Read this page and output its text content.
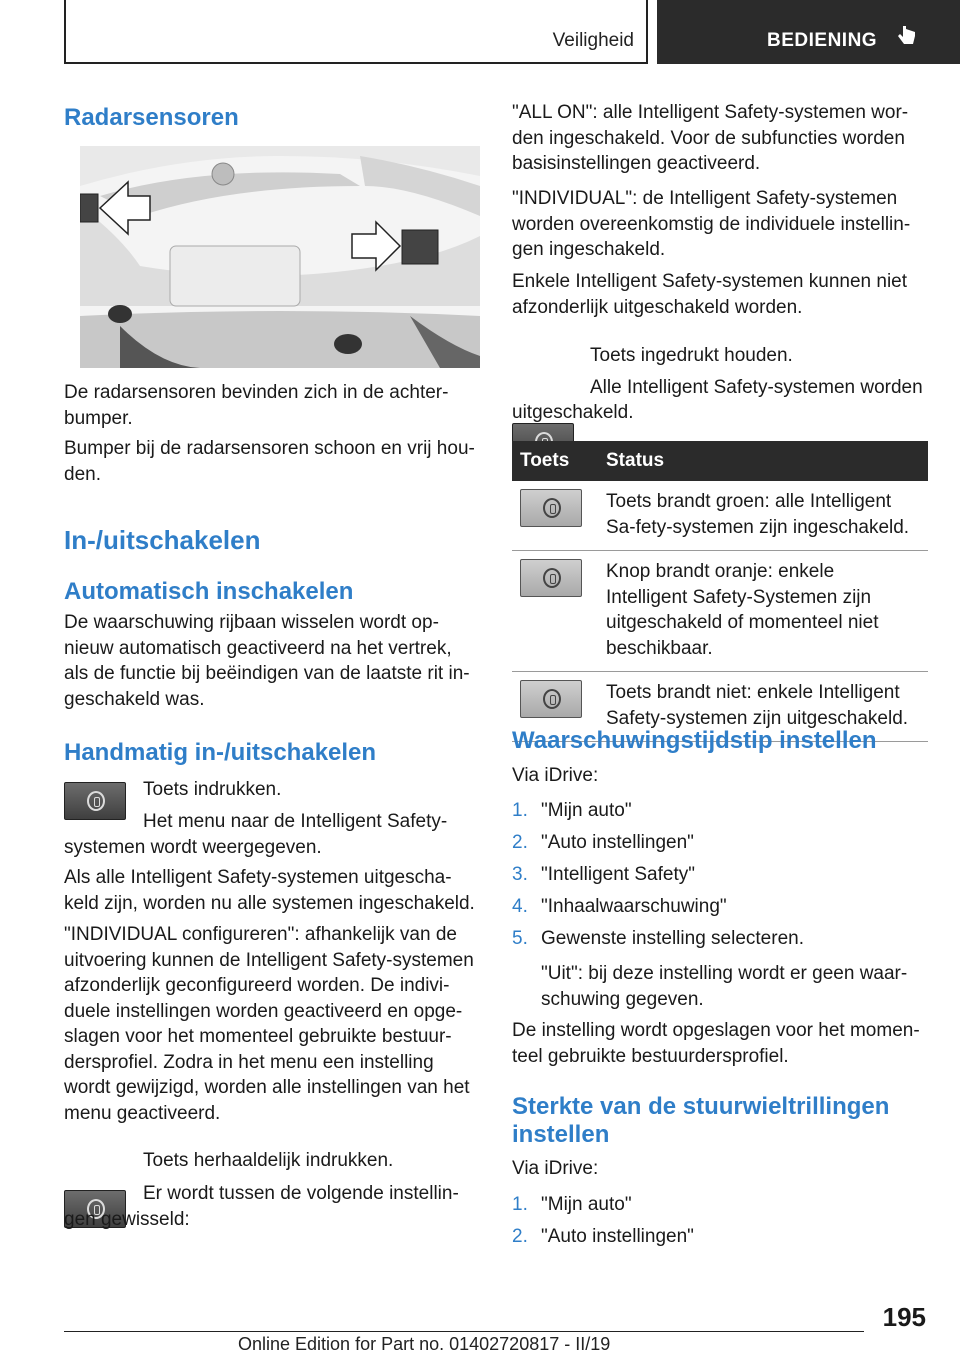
Veiligheid	BEDIENING
Radarsensoren
De radarsensoren bevinden zich in de achter-bumper.
Bumper bij de radarsensoren schoon en vrij hou-den.
In-/uitschakelen
Automatisch inschakelen
De waarschuwing rijbaan wisselen wordt op-nieuw automatisch geactiveerd na het vertrek, als de functie bij beëindigen van de laatste rit in-geschakeld was.
Handmatig in-/uitschakelen
Toets indrukken.
Het menu naar de Intelligent Safety-
systemen wordt weergegeven.
Als alle Intelligent Safety-systemen uitgescha-keld zijn, worden nu alle systemen ingeschakeld.
"INDIVIDUAL configureren": afhankelijk van de uitvoering kunnen de Intelligent Safety-systemen afzonderlijk geconfigureerd worden. De indivi-duele instellingen worden geactiveerd en opge-slagen voor het momenteel gebruikte bestuur-dersprofiel. Zodra in het menu een instelling wordt gewijzigd, worden alle instellingen van het menu geactiveerd.
Toets herhaaldelijk indrukken.
Er wordt tussen de volgende instellin-
gen gewisseld:
"ALL ON": alle Intelligent Safety-systemen wor-den ingeschakeld. Voor de subfuncties worden basisinstellingen geactiveerd.
"INDIVIDUAL": de Intelligent Safety-systemen worden overeenkomstig de individuele instellin-gen ingeschakeld.
Enkele Intelligent Safety-systemen kunnen niet afzonderlijk uitgeschakeld worden.
Toets ingedrukt houden.
Alle Intelligent Safety-systemen worden
uitgeschakeld.
Toets	Status

	Toets brandt groen: alle Intelligent Sa-fety-systemen zijn ingeschakeld.

	Knop brandt oranje: enkele Intelligent Safety-Systemen zijn uitgeschakeld of momenteel niet beschikbaar.

	Toets brandt niet: enkele Intelligent Safety-systemen zijn uitgeschakeld.
Waarschuwingstijdstip instellen
Via iDrive:
1. "Mijn auto"
2. "Auto instellingen"
3. "Intelligent Safety"
4. "Inhaalwaarschuwing"
5. Gewenste instelling selecteren.
"Uit": bij deze instelling wordt er geen waar-schuwing gegeven.
De instelling wordt opgeslagen voor het momen-teel gebruikte bestuurdersprofiel.
Sterkte van de stuurwieltrillingen instellen
Via iDrive:
1. "Mijn auto"
2. "Auto instellingen"
195
Online Edition for Part no. 01402720817 - II/19
